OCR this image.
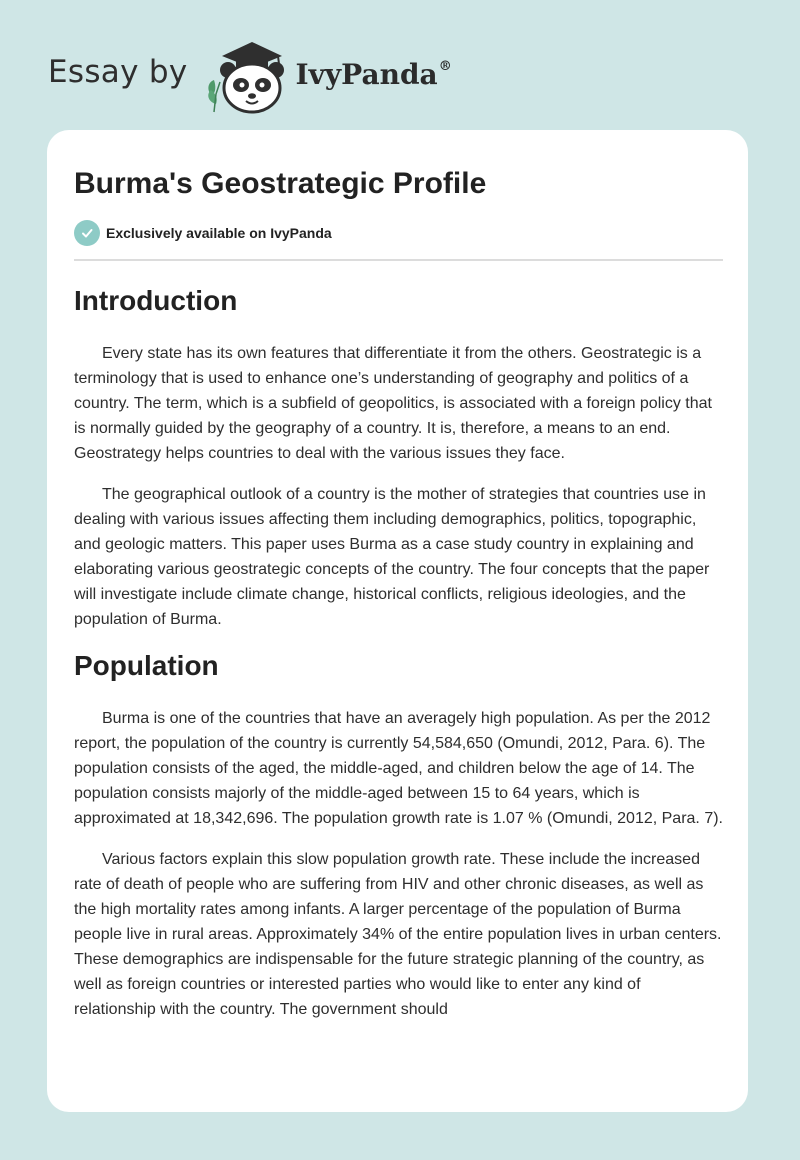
Essay by	IvyPanda®
Burma's Geostrategic Profile
Exclusively available on IvyPanda
Introduction

Every state has its own features that differentiate it from the others. Geostrategic is a terminology that is used to enhance one’s understanding of geography and politics of a country. The term, which is a subfield of geopolitics, is associated with a foreign policy that is normally guided by the geography of a country. It is, therefore, a means to an end. Geostrategy helps countries to deal with the various issues they face.

The geographical outlook of a country is the mother of strategies that countries use in dealing with various issues affecting them including demographics, politics, topographic, and geologic matters. This paper uses Burma as a case study country in explaining and elaborating various geostrategic concepts of the country. The four concepts that the paper will investigate include climate change, historical conflicts, religious ideologies, and the population of Burma.

Population

Burma is one of the countries that have an averagely high population. As per the 2012 report, the population of the country is currently 54,584,650 (Omundi, 2012, Para. 6). The population consists of the aged, the middle-aged, and children below the age of 14. The population consists majorly of the middle-aged between 15 to 64 years, which is approximated at 18,342,696. The population growth rate is 1.07 % (Omundi, 2012, Para. 7).

Various factors explain this slow population growth rate. These include the increased rate of death of people who are suffering from HIV and other chronic diseases, as well as the high mortality rates among infants. A larger percentage of the population of Burma people live in rural areas. Approximately 34% of the entire population lives in urban centers. These demographics are indispensable for the future strategic planning of the country, as well as foreign countries or interested parties who would like to enter any kind of relationship with the country. The government should
